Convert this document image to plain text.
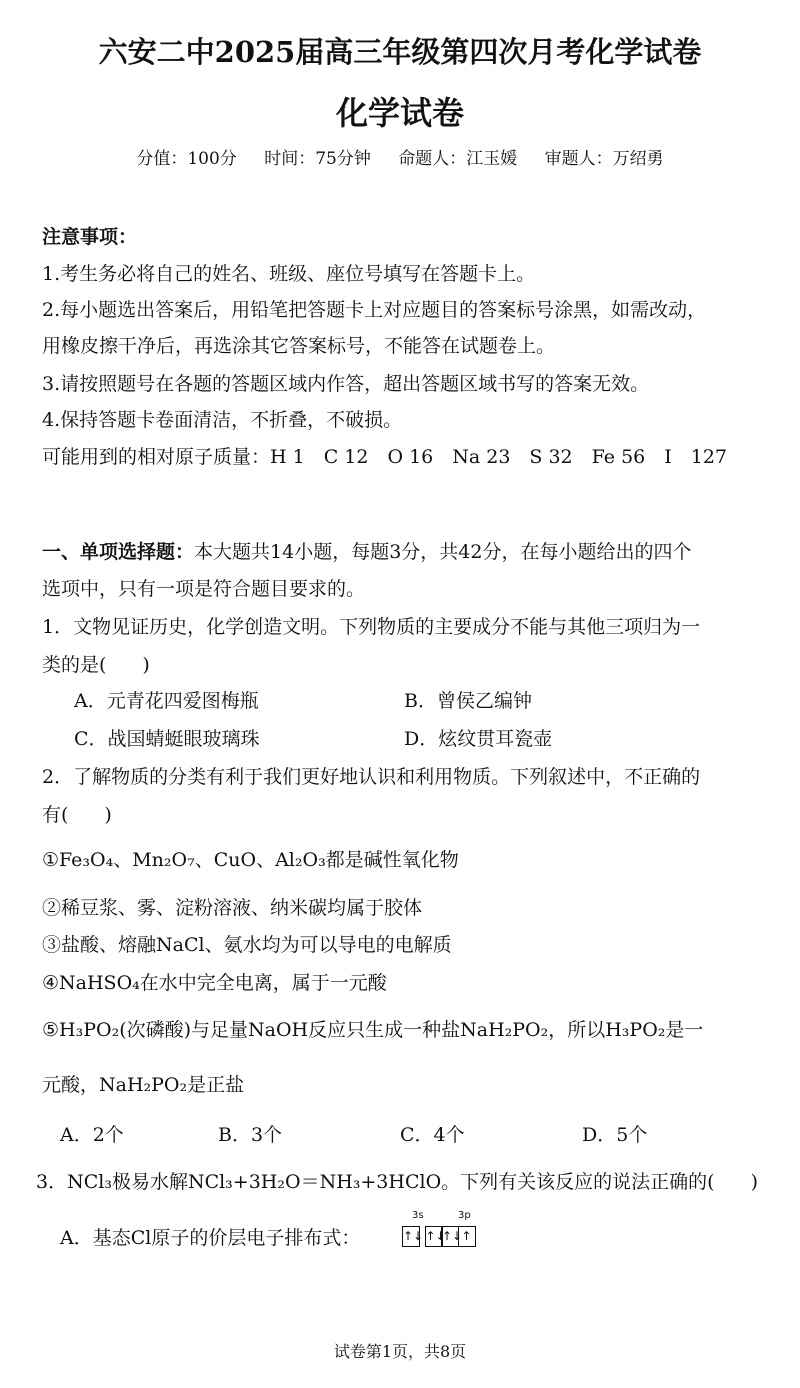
六安二中2025届高三年级第四次月考化学试卷
化学试卷
分值：100分 时间：75分钟 命题人：江玉媛 审题人：万绍勇
注意事项：
1.考生务必将自己的姓名、班级、座位号填写在答题卡上。
2.每小题选出答案后，用铅笔把答题卡上对应题目的答案标号涂黑，如需改动，
用橡皮擦干净后，再选涂其它答案标号，不能答在试题卷上。
3.请按照题号在各题的答题区域内作答，超出答题区域书写的答案无效。
4.保持答题卡卷面清洁，不折叠，不破损。
可能用到的相对原子质量：H 1　C 12　O 16　Na 23　S 32　Fe 56　I　127
一、单项选择题：本大题共14小题，每题3分，共42分，在每小题给出的四个
选项中，只有一项是符合题目要求的。
1．文物见证历史，化学创造文明。下列物质的主要成分不能与其他三项归为一
类的是( )
A．元青花四爱图梅瓶	B．曾侯乙编钟
C．战国蜻蜓眼玻璃珠	D．炫纹贯耳瓷壶
2．了解物质的分类有利于我们更好地认识和利用物质。下列叙述中，不正确的
有( )
①Fe₃O₄、Mn₂O₇、CuO、Al₂O₃都是碱性氧化物
②稀豆浆、雾、淀粉溶液、纳米碳均属于胶体
③盐酸、熔融NaCl、氨水均为可以导电的电解质
④NaHSO₄在水中完全电离，属于一元酸
⑤H₃PO₂(次磷酸)与足量NaOH反应只生成一种盐NaH₂PO₂，所以H₃PO₂是一
元酸，NaH₂PO₂是正盐
A．2个	B．3个	C．4个	D．5个
3．NCl₃极易水解NCl₃+3H₂O＝NH₃+3HClO。下列有关该反应的说法正确的( )
A．基态Cl原子的价层电子排布式：
3s	3p
↑↓ ↑↓
↑↓ ↑
试卷第1页，共8页
